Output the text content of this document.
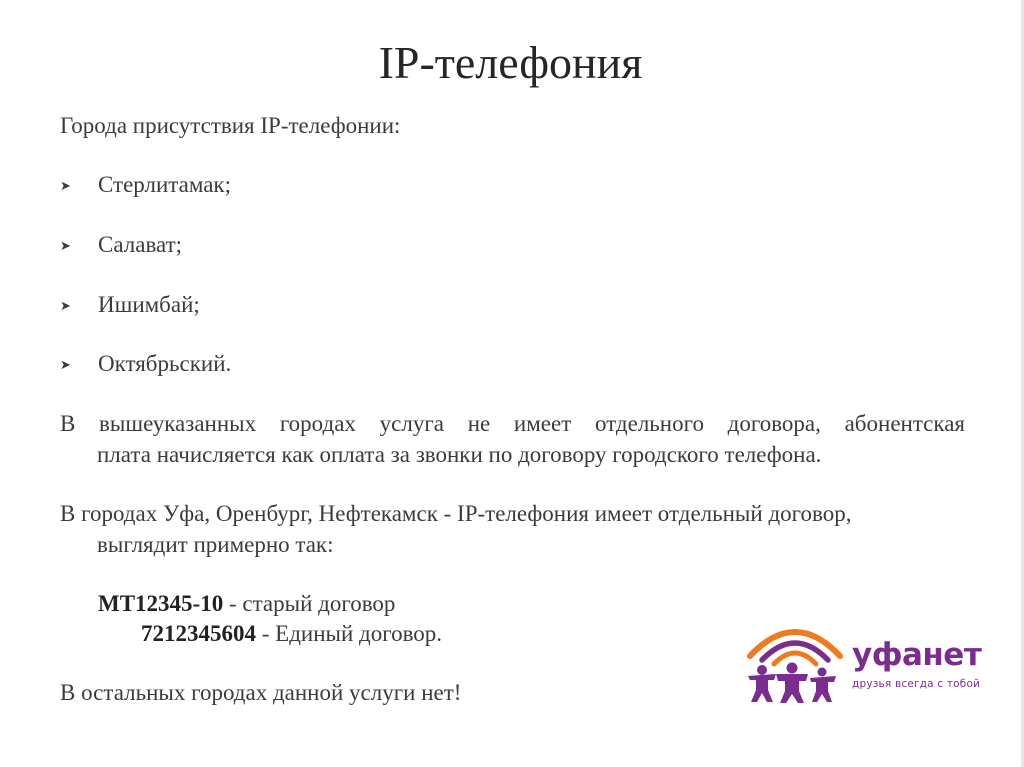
IP-телефония
Города присутствия IP-телефонии:
➤ Стерлитамак;
➤ Салават;
➤ Ишимбай;
➤ Октябрьский.
В вышеуказанных городах услуга не имеет отдельного договора, абонентская
плата начисляется как оплата за звонки по договору городского телефона.
В городах Уфа, Оренбург, Нефтекамск - IP-телефония имеет отдельный договор,
выглядит примерно так:
МТ12345-10 - старый договор
7212345604 - Единый договор.
В остальных городах данной услуги нет!
уфанет
друзья всегда с тобой
